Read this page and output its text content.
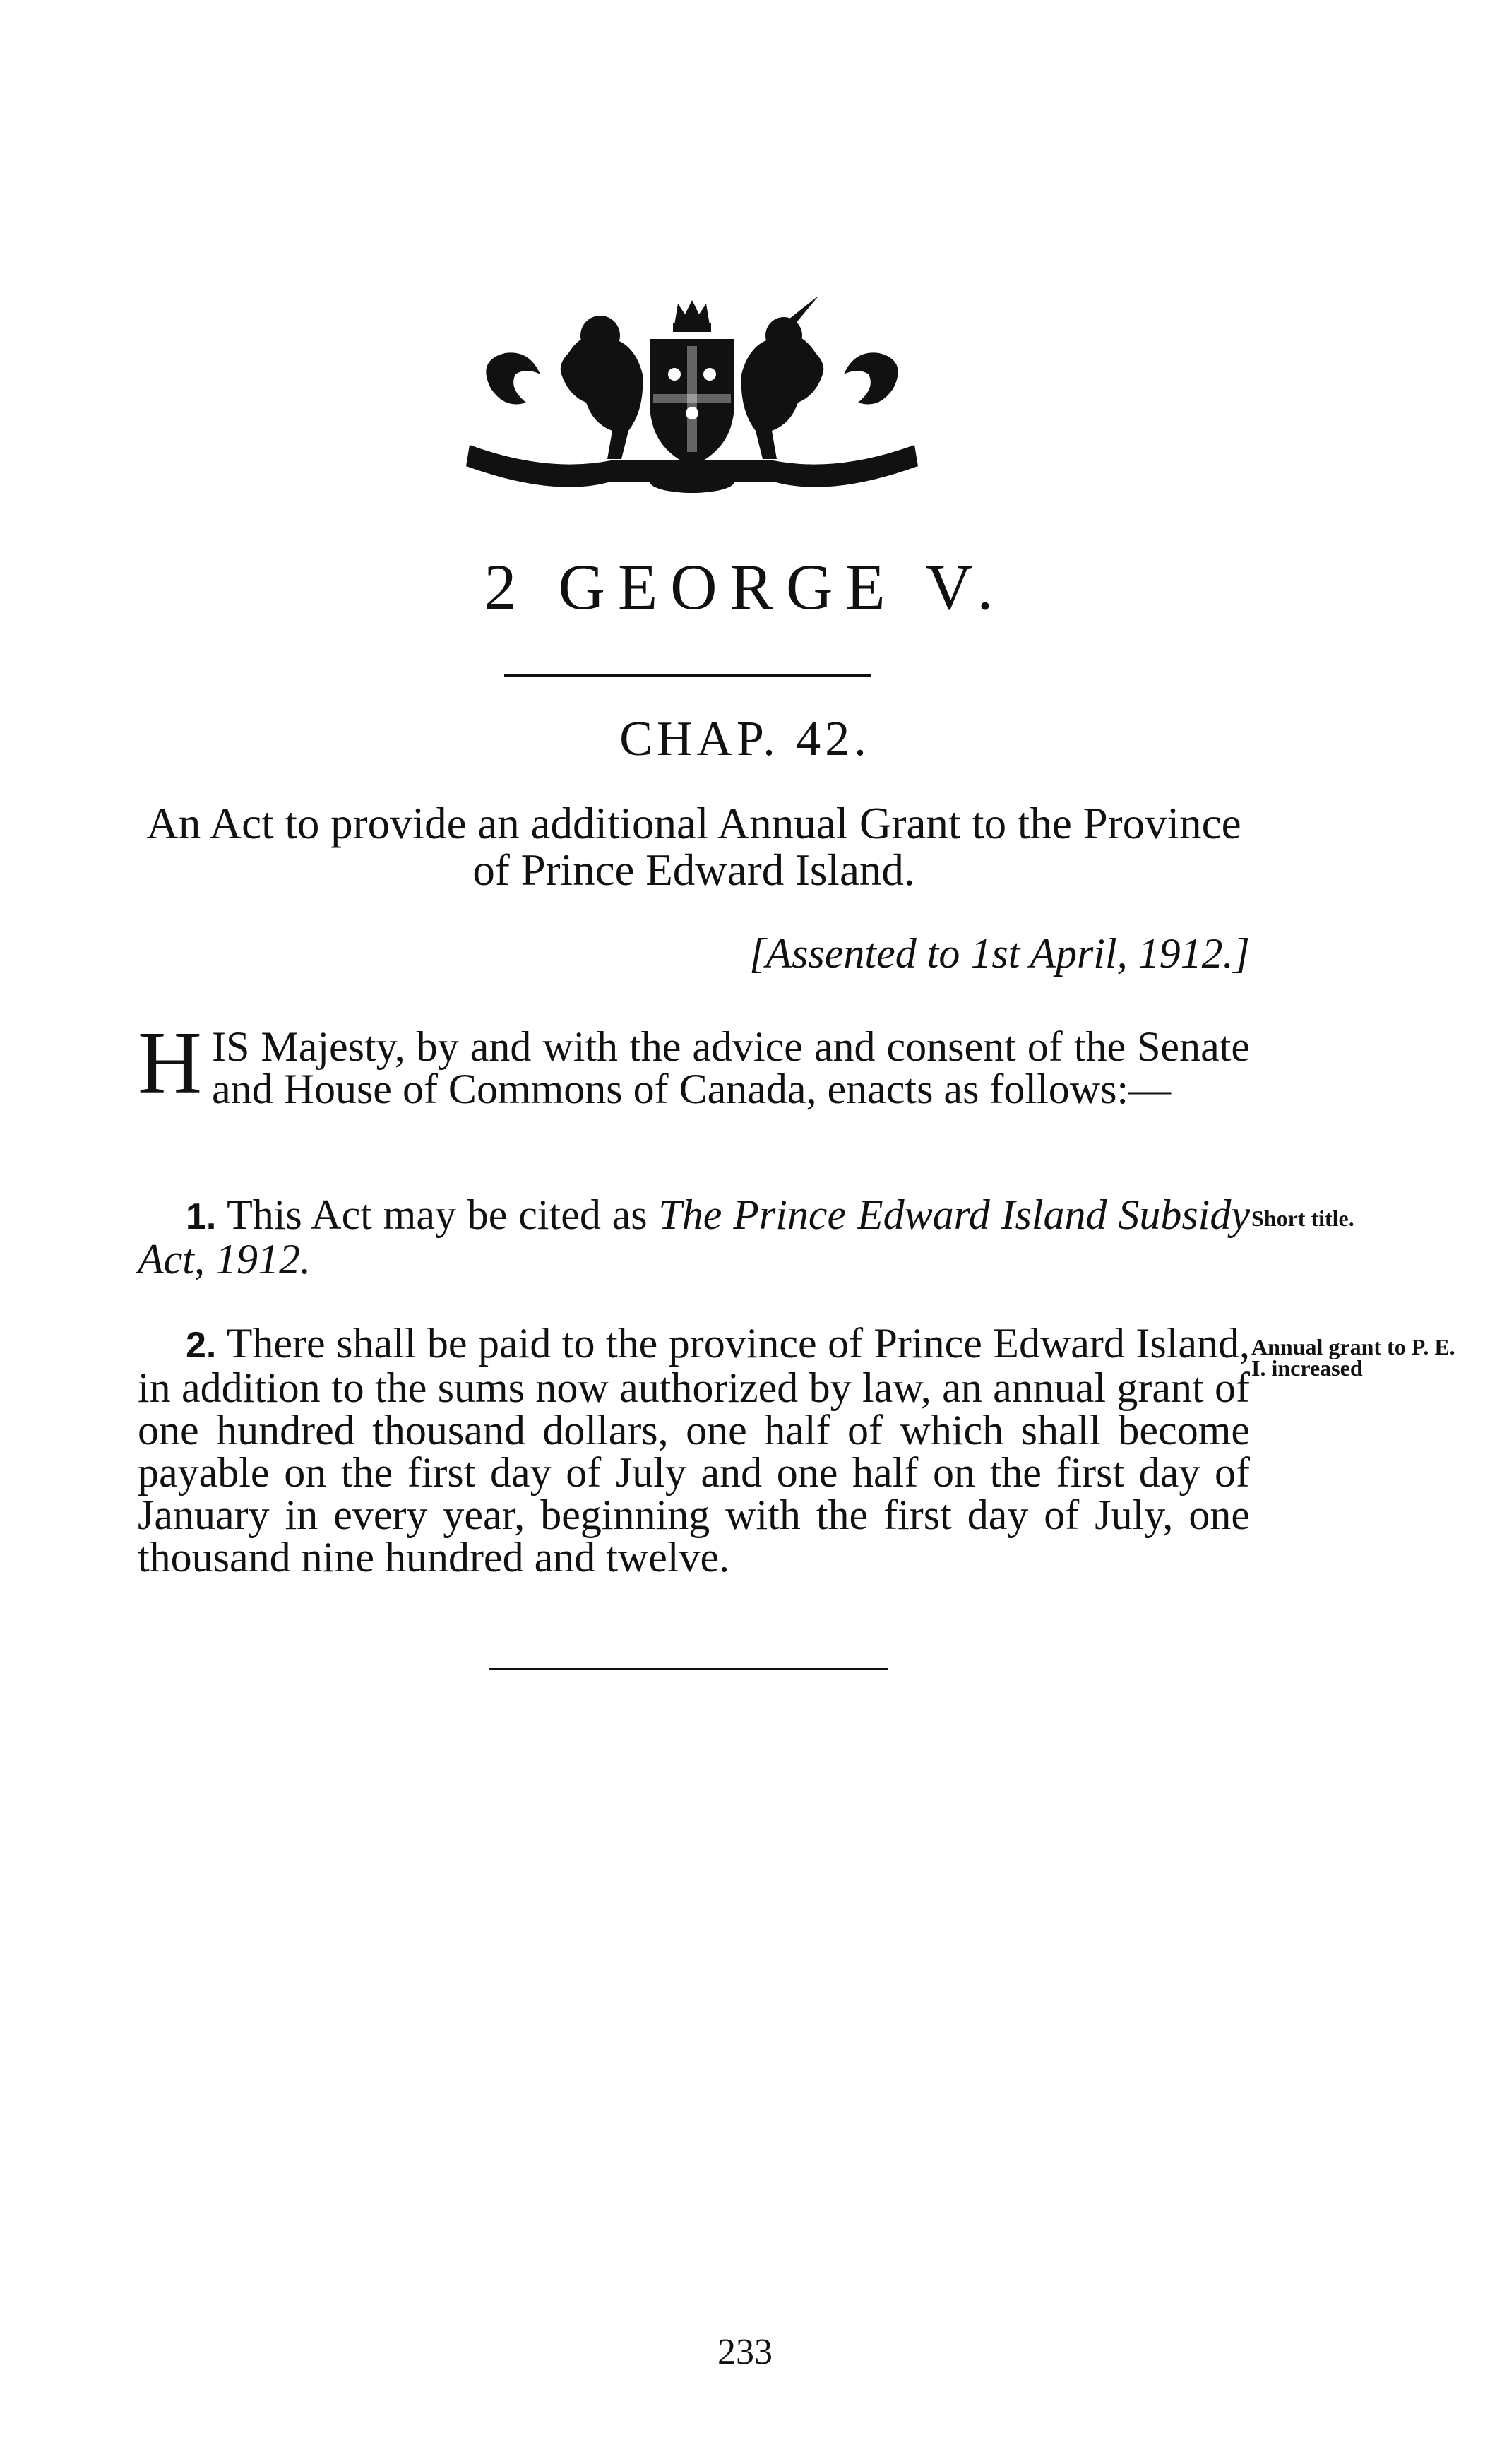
2 GEORGE V.
CHAP. 42.
An Act to provide an additional Annual Grant to the Province of Prince Edward Island.
[Assented to 1st April, 1912.]
HIS Majesty, by and with the advice and consent of the Senate and House of Commons of Canada, enacts as follows:—
1. This Act may be cited as The Prince Edward Island Subsidy Act, 1912.
Short title.
2. There shall be paid to the province of Prince Edward Island, in addition to the sums now authorized by law, an annual grant of one hundred thousand dollars, one half of which shall become payable on the first day of July and one half on the first day of January in every year, beginning with the first day of July, one thousand nine hundred and twelve.
Annual grant to P. E. I. increased
233
